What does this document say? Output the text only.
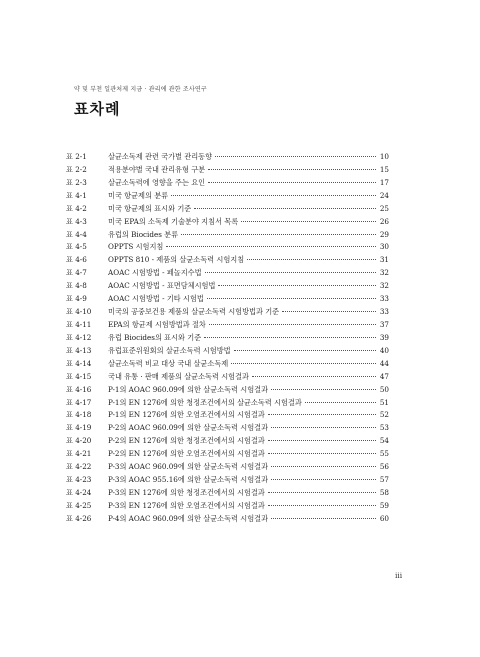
약 및 부천 일관처제 지금 · 관리에 관한 조사연구
표차례
표 2-1	살균소독제 관련 국가별 관리동향	10
표 2-2	적용분야별 국내 관리유형 구분	15
표 2-3	살균소독력에 영향을 주는 요인	17
표 4-1	미국 항균제의 분류	24
표 4-2	미국 항균제의 표시와 기준	25
표 4-3	미국 EPA의 소독제 기술분야 지침서 목록	26
표 4-4	유럽의 Biocides 분류	29
표 4-5	OPPTS 시험지침	30
표 4-6	OPPTS 810 - 제품의 살균소독력 시험지침	31
표 4-7	AOAC 시험방법 - 페놀지수법	32
표 4-8	AOAC 시험방법 - 표면담체시험법	32
표 4-9	AOAC 시험방법 - 기타 시험법	33
표 4-10	미국의 공중보건용 제품의 살균소독력 시험방법과 기준	33
표 4-11	EPA의 항균제 시험방법과 절차	37
표 4-12	유럽 Biocides의 표시와 기준	39
표 4-13	유럽표준위원회의 살균소독력 시험방법	40
표 4-14	살균소독력 비교 대상 국내 살균소독제	44
표 4-15	국내 유통 · 판매 제품의 살균소독력 시험결과	47
표 4-16	P-1의 AOAC 960.09에 의한 살균소독력 시험결과	50
표 4-17	P-1의 EN 1276에 의한 청정조건에서의 살균소독력 시험결과	51
표 4-18	P-1의 EN 1276에 의한 오염조건에서의 시험결과	52
표 4-19	P-2의 AOAC 960.09에 의한 살균소독력 시험결과	53
표 4-20	P-2의 EN 1276에 의한 청정조건에서의 시험결과	54
표 4-21	P-2의 EN 1276에 의한 오염조건에서의 시험결과	55
표 4-22	P-3의 AOAC 960.09에 의한 살균소독력 시험결과	56
표 4-23	P-3의 AOAC 955.16에 의한 살균소독력 시험결과	57
표 4-24	P-3의 EN 1276에 의한 청정조건에서의 시험결과	58
표 4-25	P-3의 EN 1276에 의한 오염조건에서의 시험결과	59
표 4-26	P-4의 AOAC 960.09에 의한 살균소독력 시험결과	60
iii
